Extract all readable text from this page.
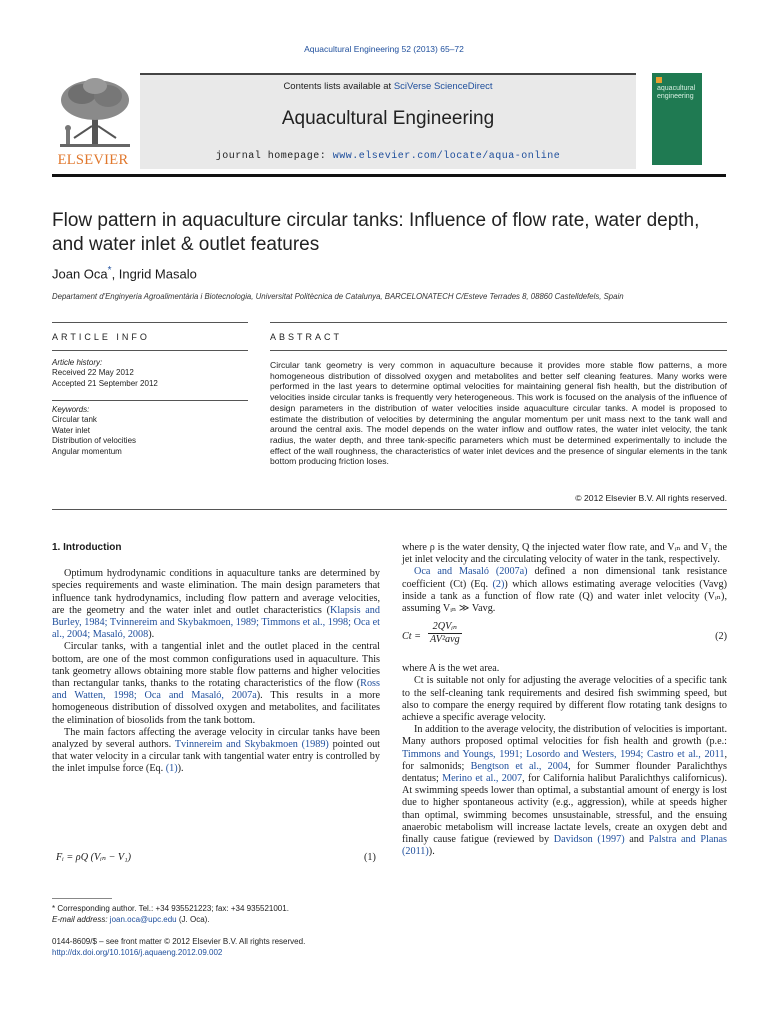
Aquacultural Engineering 52 (2013) 65–72
ELSEVIER
Contents lists available at SciVerse ScienceDirect
Aquacultural Engineering
journal homepage: www.elsevier.com/locate/aqua-online
aquacultural
engineering
Flow pattern in aquaculture circular tanks: Influence of flow rate, water depth, and water inlet & outlet features
Joan Oca*, Ingrid Masalo
Departament d'Enginyeria Agroalimentària i Biotecnologia, Universitat Politècnica de Catalunya, BARCELONATECH C/Esteve Terrades 8, 08860 Castelldefels, Spain
ARTICLE INFO	ABSTRACT
Article history:
Received 22 May 2012
Accepted 21 September 2012
Keywords:
Circular tank
Water inlet
Distribution of velocities
Angular momentum
Circular tank geometry is very common in aquaculture because it provides more stable flow patterns, a more homogeneous distribution of dissolved oxygen and metabolites and better self cleaning features. Many works were performed in the last years to determine optimal velocities for maintaining general fish health, but the distribution of velocities inside circular tanks is frequently very heterogeneous. This work is focused on the analysis of the influence of design parameters in the distribution of water velocities inside aquaculture circular tanks. A model is proposed to estimate the distribution of velocities by determining the angular momentum per unit mass next to the tank wall and around the central axis. The model depends on the water inflow and outflow rates, the water inlet velocity, the tank radius, the water depth, and three tank-specific parameters which must be determined experimentally to include the effect of the wall roughness, the characteristics of water inlet devices and the presence of singular elements in the tank bottom producing friction loses.
© 2012 Elsevier B.V. All rights reserved.
1. Introduction

Optimum hydrodynamic conditions in aquaculture tanks are determined by species requirements and waste elimination. The main design parameters that influence tank hydrodynamics, including flow pattern and average velocities, are the geometry and the water inlet and outlet characteristics (Klapsis and Burley, 1984; Tvinnereim and Skybakmoen, 1989; Timmons et al., 1998; Oca et al., 2004; Masaló, 2008).

Circular tanks, with a tangential inlet and the outlet placed in the central bottom, are one of the most common configurations used in aquaculture. This tank geometry allows obtaining more stable flow patterns and higher velocities than rectangular tanks, thanks to the rotating characteristics of the flow (Ross and Watten, 1998; Oca and Masaló, 2007a). This results in a more homogeneous distribution of dissolved oxygen and metabolites, and facilitates the elimination of biosolids from the tank bottom.

The main factors affecting the average velocity in circular tanks have been analyzed by several authors. Tvinnereim and Skybakmoen (1989) pointed out that water velocity in a circular tank with tangential water entry is controlled by the inlet impulse force (Eq. (1)).

Fᵢ = ρQ (Vᵢₙ − V₁)	(1)
* Corresponding author. Tel.: +34 935521223; fax: +34 935521001.
E-mail address: joan.oca@upc.edu (J. Oca).
0144-8609/$ – see front matter © 2012 Elsevier B.V. All rights reserved.
http://dx.doi.org/10.1016/j.aquaeng.2012.09.002

where ρ is the water density, Q the injected water flow rate, and Vᵢₙ and V₁ the jet inlet velocity and the circulating velocity of water in the tank, respectively.

Oca and Masaló (2007a) defined a non dimensional tank resistance coefficient (Ct) (Eq. (2)) which allows estimating average velocities (Vavg) inside a tank as a function of flow rate (Q) and water inlet velocity (Vᵢₙ), assuming Vᵢₙ ≫ Vavg.

Ct =
2QVᵢₙ
AV²avg	(2)

where A is the wet area.

Ct is suitable not only for adjusting the average velocities of a specific tank to the self-cleaning tank requirements and desired fish swimming speed, but also to compare the energy required by different flow rotating tank designs to achieve a specific average velocity.

In addition to the average velocity, the distribution of velocities is important. Many authors proposed optimal velocities for fish health and growth (p.e.: Timmons and Youngs, 1991; Losordo and Westers, 1994; Castro et al., 2011, for salmonids; Bengtson et al., 2004, for Summer flounder Paralichthys dentatus; Merino et al., 2007, for California halibut Paralichthys californicus). At swimming speeds lower than optimal, a substantial amount of energy is lost due to higher spontaneous activity (e.g., aggression), while at speeds higher than optimal, swimming becomes unsustainable, stressful, and the ensuing anaerobic metabolism will increase lactate levels, create an oxygen debt and finally cause fatigue (reviewed by Davidson (1997) and Palstra and Planas (2011)).
